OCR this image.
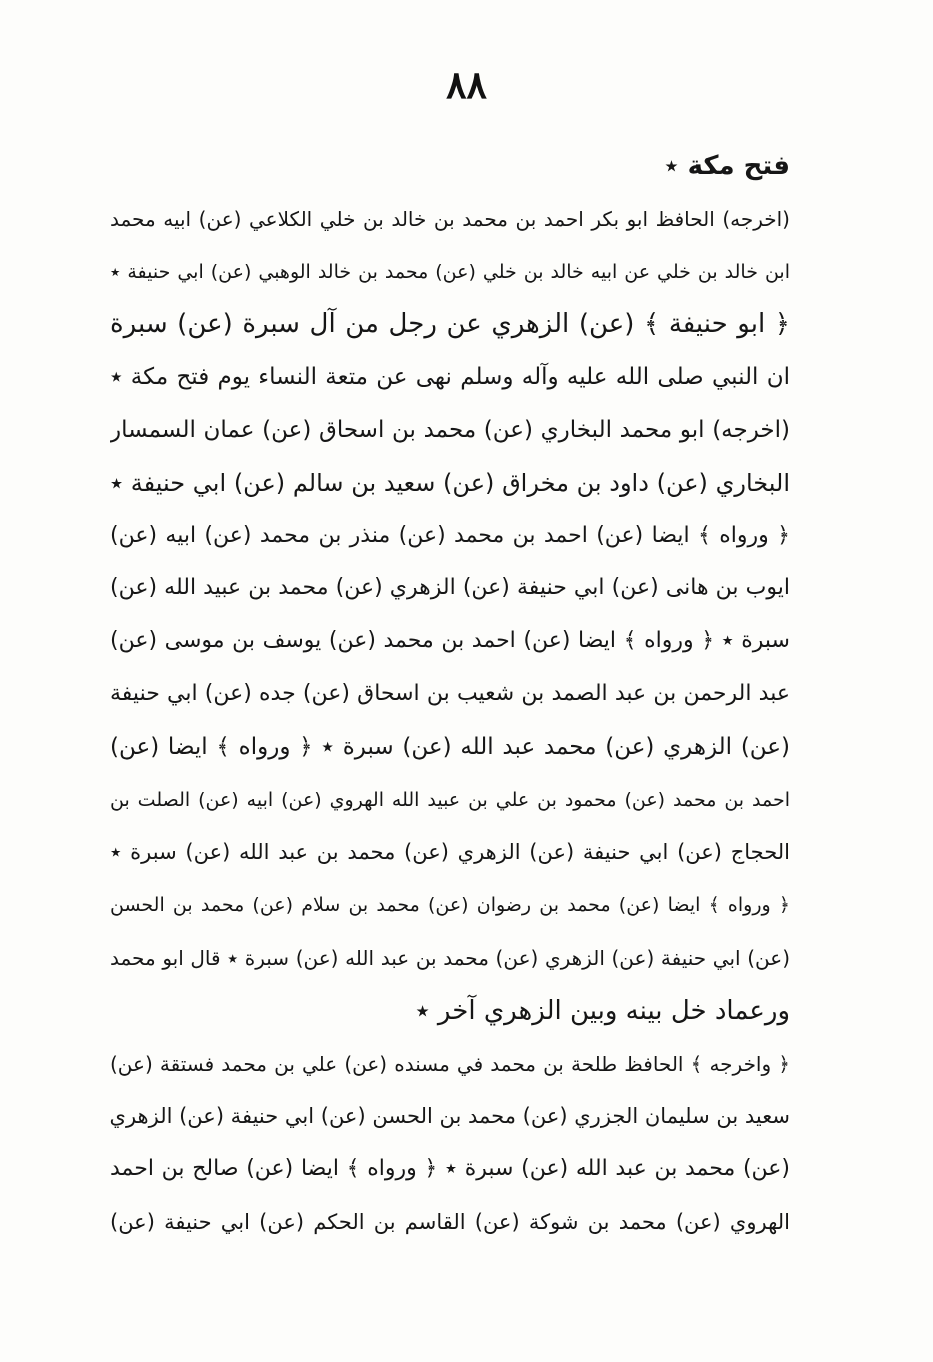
٨٨
فتح مكة ٭
(اخرجه) الحافظ ابو بكر احمد بن محمد بن خالد بن خلي الكلاعي (عن) ابيه محمد
ابن خالد بن خلي عن ابيه خالد بن خلي (عن) محمد بن خالد الوهبي (عن) ابي حنيفة ٭
﴿ ابو حنيفة ﴾ (عن) الزهري عن رجل من آل سبرة (عن) سبرة
ان النبي صلى الله عليه وآله وسلم نهى عن متعة النساء يوم فتح مكة ٭
(اخرجه) ابو محمد البخاري (عن) محمد بن اسحاق (عن) عمان السمسار
البخاري (عن) داود بن مخراق (عن) سعيد بن سالم (عن) ابي حنيفة ٭
﴿ ورواه ﴾ ايضا (عن) احمد بن محمد (عن) منذر بن محمد (عن) ابيه (عن)
ايوب بن هانى (عن) ابي حنيفة (عن) الزهري (عن) محمد بن عبيد الله (عن)
سبرة ٭ ﴿ ورواه ﴾ ايضا (عن) احمد بن محمد (عن) يوسف بن موسى (عن)
عبد الرحمن بن عبد الصمد بن شعيب بن اسحاق (عن) جده (عن) ابي حنيفة
(عن) الزهري (عن) محمد عبد الله (عن) سبرة ٭ ﴿ ورواه ﴾ ايضا (عن)
احمد بن محمد (عن) محمود بن علي بن عبيد الله الهروي (عن) ابيه (عن) الصلت بن
الحجاج (عن) ابي حنيفة (عن) الزهري (عن) محمد بن عبد الله (عن) سبرة ٭
﴿ ورواه ﴾ ايضا (عن) محمد بن رضوان (عن) محمد بن سلام (عن) محمد بن الحسن
(عن) ابي حنيفة (عن) الزهري (عن) محمد بن عبد الله (عن) سبرة ٭ قال ابو محمد
ورعماد خل بينه وبين الزهري آخر ٭
﴿ واخرجه ﴾ الحافظ طلحة بن محمد في مسنده (عن) علي بن محمد فستقة (عن)
سعيد بن سليمان الجزري (عن) محمد بن الحسن (عن) ابي حنيفة (عن) الزهري
(عن) محمد بن عبد الله (عن) سبرة ٭ ﴿ ورواه ﴾ ايضا (عن) صالح بن احمد
الهروي (عن) محمد بن شوكة (عن) القاسم بن الحكم (عن) ابي حنيفة (عن)
